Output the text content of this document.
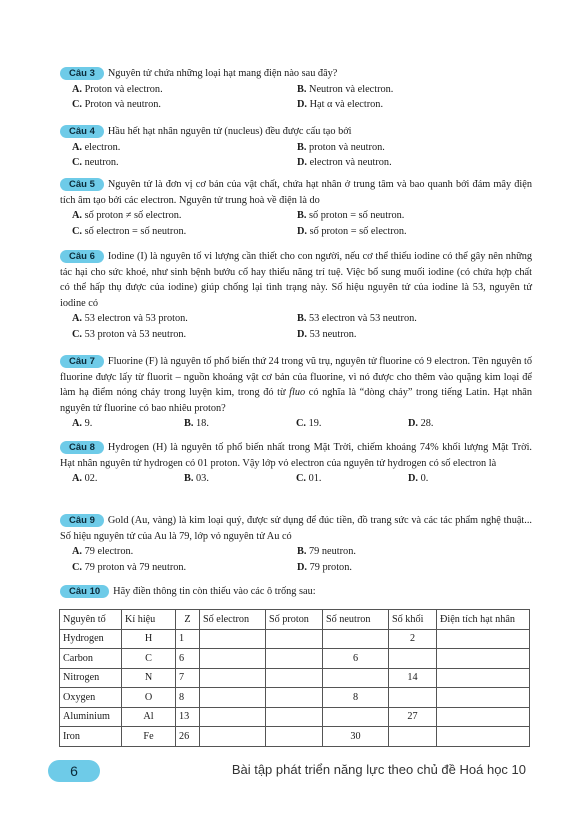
Câu 3 Nguyên tử chứa những loại hạt mang điện nào sau đây?
A. Proton và electron.	B. Neutron và electron.
C. Proton và neutron.	D. Hạt α và electron.
Câu 4 Hầu hết hạt nhân nguyên tử (nucleus) đều được cấu tạo bởi
A. electron.	B. proton và neutron.
C. neutron.	D. electron và neutron.
Câu 5 Nguyên tử là đơn vị cơ bản của vật chất, chứa hạt nhân ở trung tâm và bao quanh bởi đám mây điện tích âm tạo bởi các electron. Nguyên tử trung hoà về điện là do
A. số proton ≠ số electron.	B. số proton = số neutron.
C. số electron = số neutron.	D. số proton = số electron.
Câu 6 Iodine (I) là nguyên tố vi lượng cần thiết cho con người, nếu cơ thể thiếu iodine có thể gây nên những tác hại cho sức khoẻ, như sinh bệnh bướu cổ hay thiểu năng trí tuệ. Việc bổ sung muối iodine (có chứa hợp chất có thể hấp thụ được của iodine) giúp chống lại tình trạng này. Số hiệu nguyên tử của iodine là 53, nguyên tử iodine có
A. 53 electron và 53 proton.	B. 53 electron và 53 neutron.
C. 53 proton và 53 neutron.	D. 53 neutron.
Câu 7 Fluorine (F) là nguyên tố phổ biến thứ 24 trong vũ trụ, nguyên tử fluorine có 9 electron. Tên nguyên tố fluorine được lấy từ fluorit – nguồn khoáng vật cơ bản của fluorine, vì nó được cho thêm vào quặng kim loại để làm hạ điểm nóng chảy trong luyện kim, trong đó từ fluo có nghĩa là “dòng chảy” trong tiếng Latin. Hạt nhân nguyên tử fluorine có bao nhiêu proton?
A. 9.	B. 18.	C. 19.	D. 28.
Câu 8 Hydrogen (H) là nguyên tố phổ biến nhất trong Mặt Trời, chiếm khoảng 74% khối lượng Mặt Trời. Hạt nhân nguyên tử hydrogen có 01 proton. Vậy lớp vỏ electron của nguyên tử hydrogen có số electron là
A. 02.	B. 03.	C. 01.	D. 0.
Câu 9 Gold (Au, vàng) là kim loại quý, được sử dụng để đúc tiền, đồ trang sức và các tác phẩm nghệ thuật... Số hiệu nguyên tử của Au là 79, lớp vỏ nguyên tử Au có
A. 79 electron.	B. 79 neutron.
C. 79 proton và 79 neutron.	D. 79 proton.
Câu 10 Hãy điền thông tin còn thiếu vào các ô trống sau:
Nguyên tố	Kí hiệu	Z	Số electron	Số proton	Số neutron	Số khối	Điện tích hạt nhân
Hydrogen	H	1				2	
Carbon	C	6			6		
Nitrogen	N	7				14	
Oxygen	O	8			8		
Aluminium	Al	13				27	
Iron	Fe	26			30		
6	Bài tập phát triển năng lực theo chủ đề Hoá học 10
